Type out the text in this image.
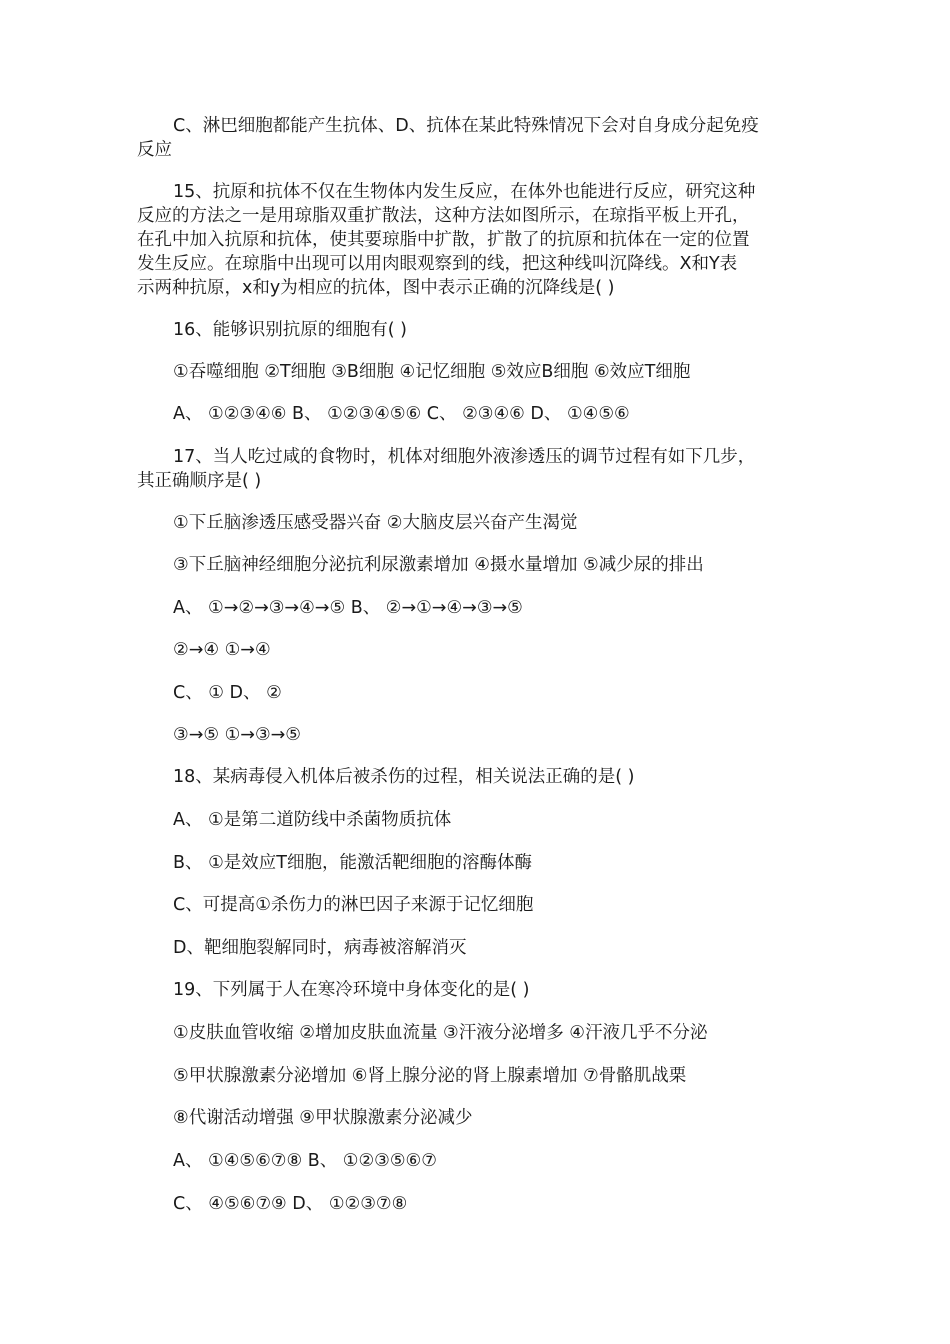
C、淋巴细胞都能产生抗体、D、抗体在某此特殊情况下会对自身成分起免疫
反应
15、抗原和抗体不仅在生物体内发生反应，在体外也能进行反应，研究这种
反应的方法之一是用琼脂双重扩散法，这种方法如图所示，在琼指平板上开孔，
在孔中加入抗原和抗体，使其要琼脂中扩散，扩散了的抗原和抗体在一定的位置
发生反应。在琼脂中出现可以用肉眼观察到的线，把这种线叫沉降线。X和Y表
示两种抗原，x和y为相应的抗体，图中表示正确的沉降线是( )
16、能够识别抗原的细胞有( )
①吞噬细胞 ②T细胞 ③B细胞 ④记忆细胞 ⑤效应B细胞 ⑥效应T细胞
A、 ①②③④⑥ B、 ①②③④⑤⑥ C、 ②③④⑥ D、 ①④⑤⑥
17、当人吃过咸的食物时，机体对细胞外液渗透压的调节过程有如下几步，
其正确顺序是( )
①下丘脑渗透压感受器兴奋 ②大脑皮层兴奋产生渴觉
③下丘脑神经细胞分泌抗利尿激素增加 ④摄水量增加 ⑤减少尿的排出
A、 ①→②→③→④→⑤ B、 ②→①→④→③→⑤
②→④ ①→④
C、 ① D、 ②
③→⑤ ①→③→⑤
18、某病毒侵入机体后被杀伤的过程，相关说法正确的是( )
A、 ①是第二道防线中杀菌物质抗体
B、 ①是效应T细胞，能激活靶细胞的溶酶体酶
C、可提高①杀伤力的淋巴因子来源于记忆细胞
D、靶细胞裂解同时，病毒被溶解消灭
19、下列属于人在寒冷环境中身体变化的是( )
①皮肤血管收缩 ②增加皮肤血流量 ③汗液分泌增多 ④汗液几乎不分泌
⑤甲状腺激素分泌增加 ⑥肾上腺分泌的肾上腺素增加 ⑦骨骼肌战栗
⑧代谢活动增强 ⑨甲状腺激素分泌减少
A、 ①④⑤⑥⑦⑧ B、 ①②③⑤⑥⑦
C、 ④⑤⑥⑦⑨ D、 ①②③⑦⑧
